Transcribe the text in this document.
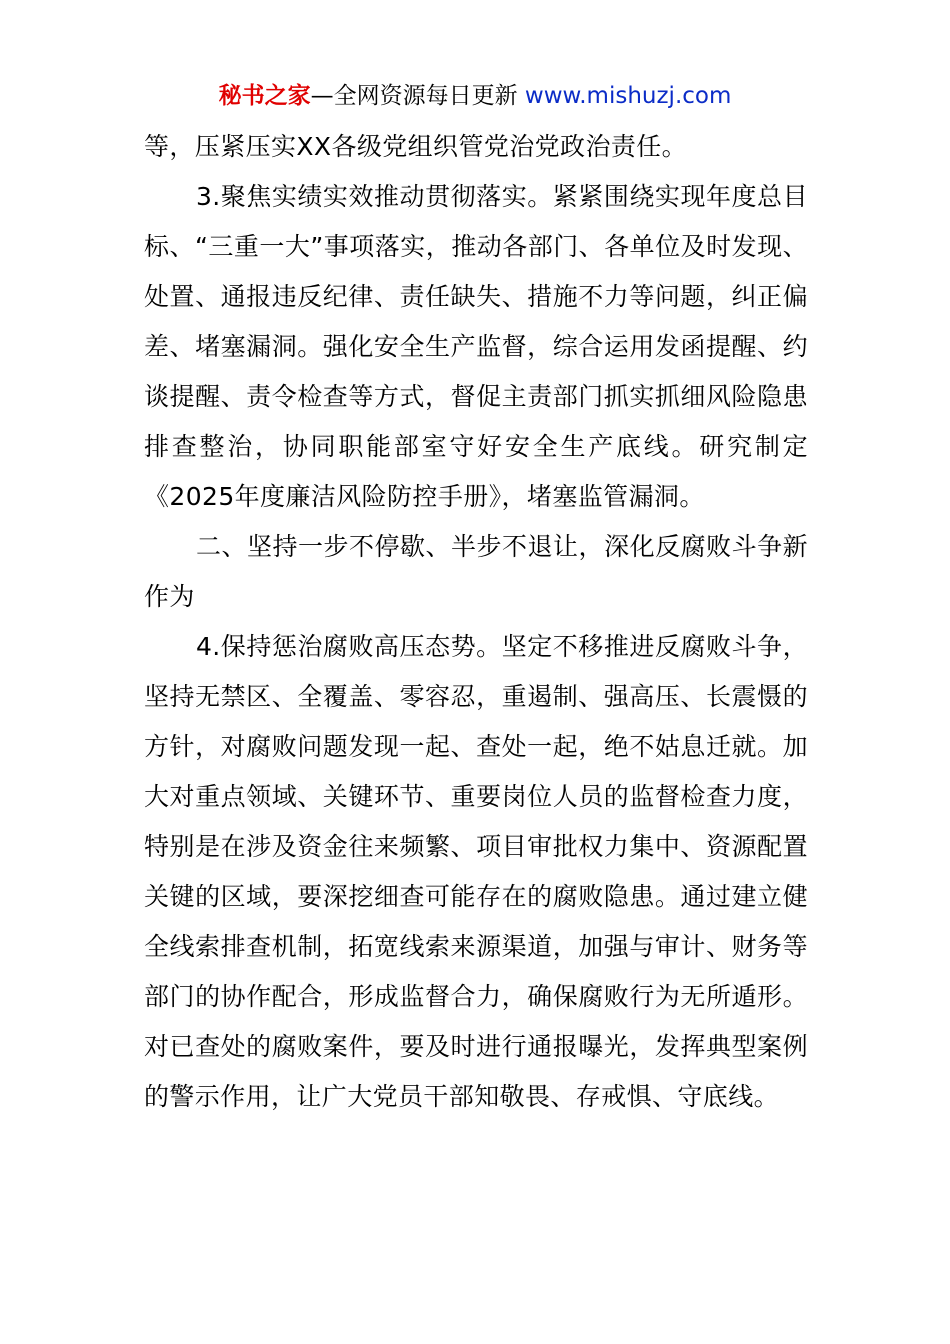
秘书之家—全网资源每日更新 www.mishuzj.com

等，压紧压实XX各级党组织管党治党政治责任。

3.聚焦实绩实效推动贯彻落实。紧紧围绕实现年度总目标、“三重一大”事项落实，推动各部门、各单位及时发现、处置、通报违反纪律、责任缺失、措施不力等问题，纠正偏差、堵塞漏洞。强化安全生产监督，综合运用发函提醒、约谈提醒、责令检查等方式，督促主责部门抓实抓细风险隐患排查整治，协同职能部室守好安全生产底线。研究制定《2025年度廉洁风险防控手册》，堵塞监管漏洞。

二、坚持一步不停歇、半步不退让，深化反腐败斗争新作为

4.保持惩治腐败高压态势。坚定不移推进反腐败斗争，坚持无禁区、全覆盖、零容忍，重遏制、强高压、长震慑的方针，对腐败问题发现一起、查处一起，绝不姑息迁就。加大对重点领域、关键环节、重要岗位人员的监督检查力度，特别是在涉及资金往来频繁、项目审批权力集中、资源配置关键的区域，要深挖细查可能存在的腐败隐患。通过建立健全线索排查机制，拓宽线索来源渠道，加强与审计、财务等部门的协作配合，形成监督合力，确保腐败行为无所遁形。对已查处的腐败案件，要及时进行通报曝光，发挥典型案例的警示作用，让广大党员干部知敬畏、存戒惧、守底线。
